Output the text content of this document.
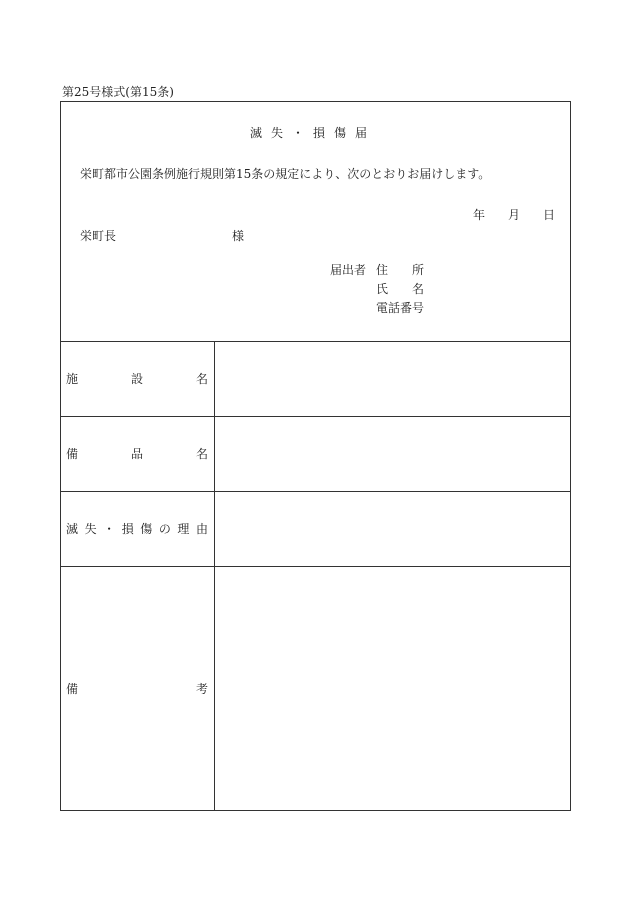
第25号様式(第15条)
滅失・損傷届
栄町都市公園条例施行規則第15条の規定により、次のとおりお届けします。
年 月 日
栄町長	様
届出者 住　　所
氏　　名
電話番号
施	設	名
備	品	名
滅 失 ・ 損 傷 の 理 由
備	考
